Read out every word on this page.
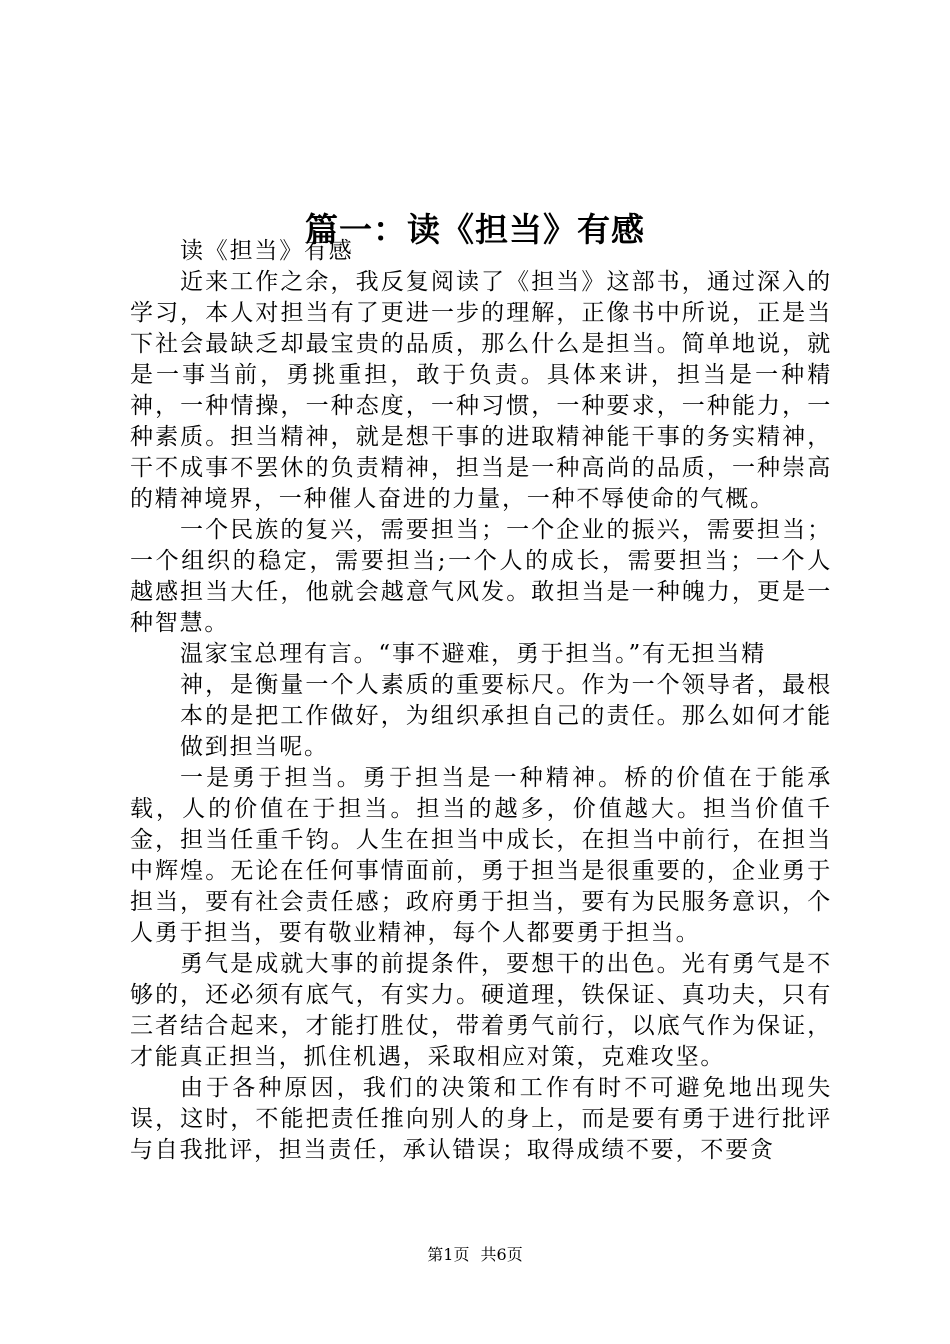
篇一：读《担当》有感

读《担当》有感

近来工作之余，我反复阅读了《担当》这部书，通过深入的学习，本人对担当有了更进一步的理解，正像书中所说，正是当下社会最缺乏却最宝贵的品质，那么什么是担当。简单地说，就是一事当前，勇挑重担，敢于负责。具体来讲，担当是一种精神，一种情操，一种态度，一种习惯，一种要求，一种能力，一种素质。担当精神，就是想干事的进取精神能干事的务实精神，干不成事不罢休的负责精神，担当是一种高尚的品质，一种崇高的精神境界，一种催人奋进的力量，一种不辱使命的气概。

一个民族的复兴，需要担当；一个企业的振兴，需要担当；一个组织的稳定，需要担当;一个人的成长，需要担当；一个人越感担当大任，他就会越意气风发。敢担当是一种魄力，更是一种智慧。

温家宝总理有言。“事不避难，勇于担当。”有无担当精

神，是衡量一个人素质的重要标尺。作为一个领导者，最根本的是把工作做好，为组织承担自己的责任。那么如何才能做到担当呢。

一是勇于担当。勇于担当是一种精神。桥的价值在于能承载，人的价值在于担当。担当的越多，价值越大。担当价值千金，担当任重千钧。人生在担当中成长，在担当中前行，在担当中辉煌。无论在任何事情面前，勇于担当是很重要的，企业勇于担当，要有社会责任感；政府勇于担当，要有为民服务意识，个人勇于担当，要有敬业精神，每个人都要勇于担当。

勇气是成就大事的前提条件，要想干的出色。光有勇气是不够的，还必须有底气，有实力。硬道理，铁保证、真功夫，只有三者结合起来，才能打胜仗，带着勇气前行，以底气作为保证，才能真正担当，抓住机遇，采取相应对策，克难攻坚。

由于各种原因，我们的决策和工作有时不可避免地出现失误，这时，不能把责任推向别人的身上，而是要有勇于进行批评与自我批评，担当责任，承认错误；取得成绩不要，不要贪

第1页 共6页
